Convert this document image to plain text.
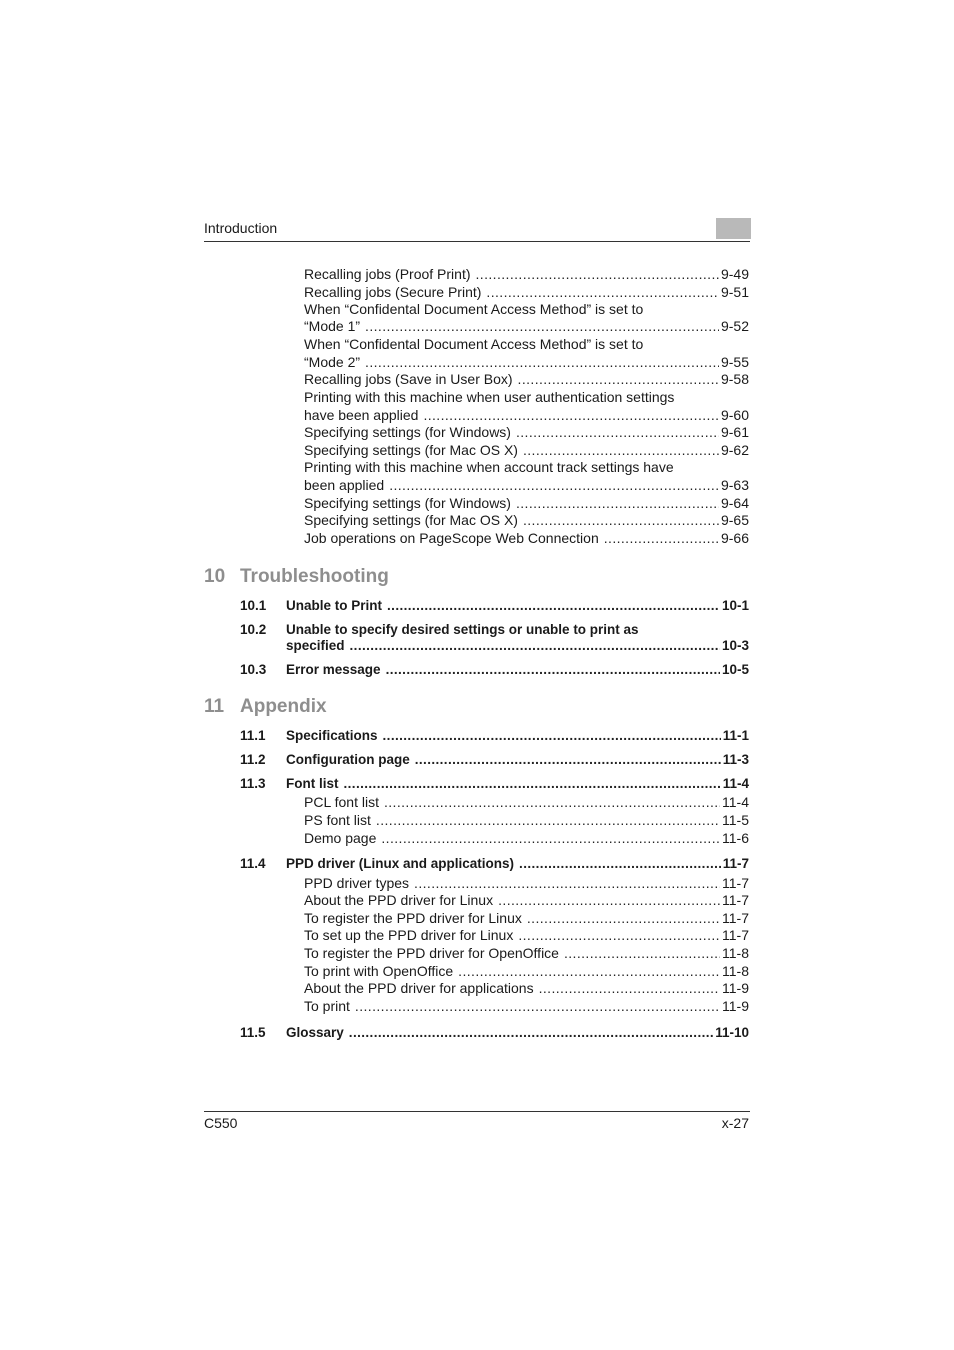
Introduction
Recalling jobs (Proof Print) .....	9-49
Recalling jobs (Secure Print) .....	9-51
When “Confidental Document Access Method” is set to
“Mode 1” .....	9-52
When “Confidental Document Access Method” is set to
“Mode 2” .....	9-55
Recalling jobs (Save in User Box) .....	9-58
Printing with this machine when user authentication settings
have been applied .....	9-60
Specifying settings (for Windows) .....	9-61
Specifying settings (for Mac OS X) .....	9-62
Printing with this machine when account track settings have
been applied .....	9-63
Specifying settings (for Windows) .....	9-64
Specifying settings (for Mac OS X) .....	9-65
Job operations on PageScope Web Connection .....	9-66
10 Troubleshooting
10.1 Unable to Print .....	10-1
10.2 Unable to specify desired settings or unable to print as
specified .....	10-3
10.3 Error message .....	10-5
11 Appendix
11.1 Specifications .....	11-1
11.2 Configuration page .....	11-3
11.3 Font list .....	11-4
PCL font list .....	11-4
PS font list .....	11-5
Demo page .....	11-6
11.4 PPD driver (Linux and applications) .....	11-7
PPD driver types .....	11-7
About the PPD driver for Linux .....	11-7
To register the PPD driver for Linux .....	11-7
To set up the PPD driver for Linux .....	11-7
To register the PPD driver for OpenOffice .....	11-8
To print with OpenOffice .....	11-8
About the PPD driver for applications .....	11-9
To print .....	11-9
11.5 Glossary .....	11-10
C550	x-27
